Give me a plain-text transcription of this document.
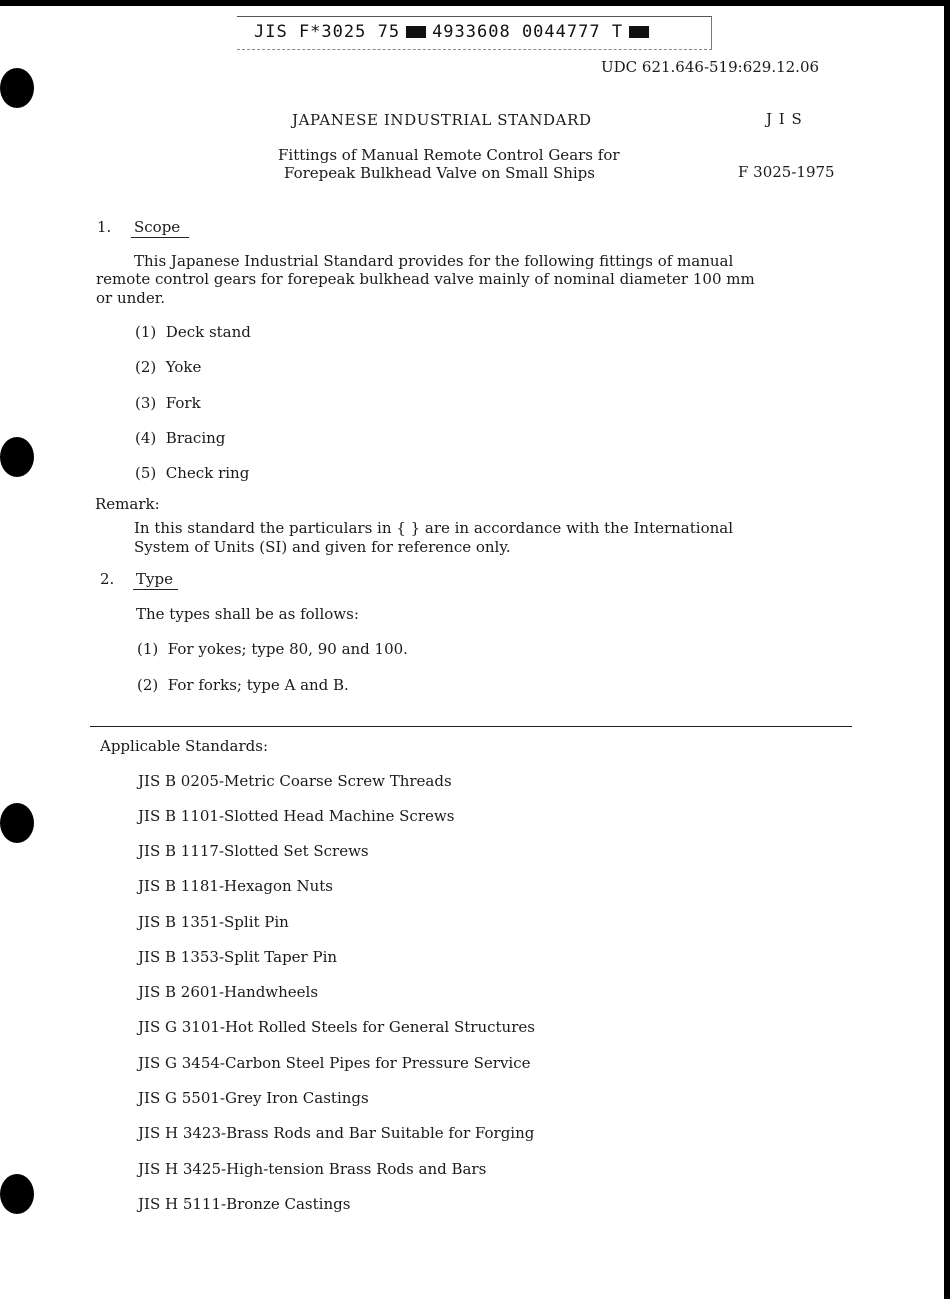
JIS F*3025 75 4933608 0044777 T
UDC 621.646-519:629.12.06
JAPANESE INDUSTRIAL STANDARD	J I S
Fittings of Manual Remote Control Gears for
Forepeak Bulkhead Valve on Small Ships	F 3025-1975
1. Scope
This Japanese Industrial Standard provides for the following fittings of manual
remote control gears for forepeak bulkhead valve mainly of nominal diameter 100 mm
or under.
(1) Deck stand
(2) Yoke
(3) Fork
(4) Bracing
(5) Check ring
Remark:
In this standard the particulars in { } are in accordance with the International
System of Units (SI) and given for reference only.
2. Type
The types shall be as follows:
(1) For yokes; type 80, 90 and 100.
(2) For forks; type A and B.
Applicable Standards:
JIS B 0205-Metric Coarse Screw Threads
JIS B 1101-Slotted Head Machine Screws
JIS B 1117-Slotted Set Screws
JIS B 1181-Hexagon Nuts
JIS B 1351-Split Pin
JIS B 1353-Split Taper Pin
JIS B 2601-Handwheels
JIS G 3101-Hot Rolled Steels for General Structures
JIS G 3454-Carbon Steel Pipes for Pressure Service
JIS G 5501-Grey Iron Castings
JIS H 3423-Brass Rods and Bar Suitable for Forging
JIS H 3425-High-tension Brass Rods and Bars
JIS H 5111-Bronze Castings
